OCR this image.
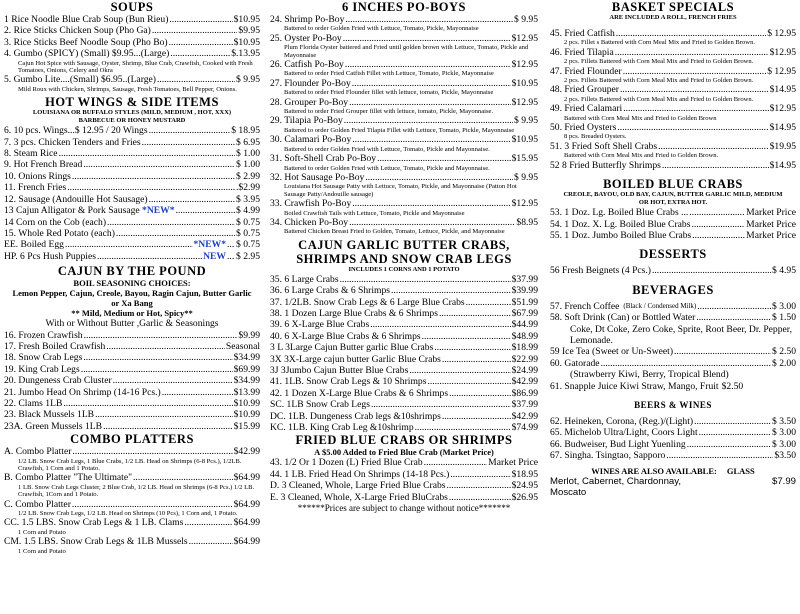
SOUPS
1 Rice Noodle Blue Crab Soup (Bun Rieu) .....	$10.95
2. Rice Sticks Chicken Soup (Pho Ga) .....	$9.95
3. Rice Sticks Beef Noodle Soup (Pho Bo) .....	$10.95
4. Gumbo (SPICY) (Small) $9.95...(Large) .....	$.13.95
Cajun Hot Spice with Sausage, Oyster, Shrimp, Blue Crab, Crawfish, Cooked with Fresh Tomatoes, Onions, Celery and Okra
5. Gumbo Lite....(Small) $6.95..(Large) .....	$ 9.95
Mild Roux with Chicken, Shrimps, Sausage, Fresh Tomatoes, Bell Pepper, Onions.
HOT WINGS & SIDE ITEMS
LOUISIANA OR BUFFALO STYLES (MILD, MEDIUM , HOT, XXX)
BARBECUE OR HONEY MUSTARD
6. 10 pcs. Wings...$ 12.95 / 20 Wings .....	$ 18.95
7. 3 pcs. Chicken Tenders and Fries .....	$ 6.95
8. Steam Rice .....	$ 1.00
9. Hot French Bread .....	$ 1.00
10. Onions Rings .....	$ 2.99
11. French Fries .....	.$2.99
12. Sausage (Andouille Hot Sausage) .....	$ 3.95
13 Cajun Alligator & Pork Sausage *NEW* .....	$ 4.99
14 Corn on the Cob (each) .....	$ 0.75
15. Whole Red Potato (each) .....	$ 0.75
EE. Boiled Egg .....	*NEW* ..... $ 0.75
HP. 6 Pcs Hush Puppies .....	NEW ..... $ 2.95
CAJUN BY THE POUND
BOIL SEASONING CHOICES:
Lemon Pepper, Cajun, Creole, Bayou, Ragin Cajun, Butter Garlic or Xa Bang
** Mild, Medium or Hot, Spicy**
With or Without Butter ,Garlic & Seasonings
16. Frozen Crawfish .....	$9.99
17. Fresh Boiled Crawfish .....	Seasonal
18. Snow Crab Legs .....	$34.99
19. King Crab Legs .....	$69.99
20. Dungeness Crab Cluster .....	$34.99
21. Jumbo Head On Shrimp (14-16 Pcs.) .....	$13.99
22. Clams 1LB .....	$10.99
23. Black Mussels 1LB .....	$10.99
23A. Green Mussels 1LB .....	$15.99
COMBO PLATTERS
A. Combo Platter .....	$42.99
1/2 LB. Snow Crab Legs, 1 Blue Crabs, 1/2 LB. Head on Shrimps (6-8 Pcs.), 1/2LB. Crawfish, 1 Corn and 1 Potato.
B. Combo Platter "The Ultimate" .....	$64.99
1 LB. Snow Crab Legs Cluster, 2 Blue Crab, 1/2 LB. Head on Shrimps (6-8 Pcs.) 1/2 LB. Crawfish, 1Corn and 1 Potato.
C. Combo Platter .....	$64.99
1/2 LB. Snow Crab Legs, 1/2 LB. Head on Shrimps (10 Pcs), 1 Corn and, 1 Potato.
CC. 1.5 LBS. Snow Crab Legs & 1 LB. Clams .....	$64.99
1 Corn and Potato
CM. 1.5 LBS. Snow Crab Legs & 1LB Mussels .....	$64.99
1 Corn and Potato
6 INCHES PO-BOYS
24. Shrimp Po-Boy .....	$ 9.95
Battered to order Golden Fried with Lettuce, Tomato, Pickle, Mayonnaise
25. Oyster Po-Boy .....	$12.95
Plum Florida Oyster battered and Fried until golden brown with Lettuce, Tomato, Pickle and Mayonnaise
26. Catfish Po-Boy .....	$12.95
Battered to order Fried Catfish Fillet with Lettuce, Tomato, Pickle, Mayonnaise
27. Flounder Po-Boy .....	$10.95
Battered to order Fried Flounder fillet with lettuce, tomato, Pickle, Mayonnaise
28. Grouper Po-Boy .....	$12.95
Battered to order Fried Grouper fillet with lettuce, tomato, Pickle, Mayonnaise.
29. Tilapia Po-Boy .....	$ 9.95
Battered to order Golden Fried Tilapia Fillet with Lettuce, Tomato, Pickle, Mayonnaise
30. Calamari Po-Boy .....	$10.95
Battered to order Golden Fried with Lettuce, Tomato, Pickle and Mayonnaise.
31. Soft-Shell Crab Po-Boy .....	$15.95
Battered to order Golden Fried with Lettuce, Tomato, Pickle and Mayonnaise.
32. Hot Sausage Po-Boy .....	$ 9.95
Louisiana Hot Sausage Patty with Lettuce, Tomato, Pickle, and Mayonnaise (Patton Hot Sausage Patty/Andouille sausage)
33. Crawfish Po-Boy .....	$12.95
Boiled Crawfish Tails with Lettuce, Tomato, Pickle and Mayonnaise
34. Chicken Po-Boy .....	$8.95
Battered Chicken Breast Fried to Golden, Tomato, Lettuce, Pickle, and Mayonnaise
CAJUN GARLIC BUTTER CRABS,
SHRIMPS AND SNOW CRAB LEGS
INCLUDES 1 CORNS AND 1 POTATO
35. 6 Large Crabs .....	$37.99
36. 6 Large Crabs & 6 Shrimps .....	$39.99
37. 1/2LB. Snow Crab Legs & 6 Large Blue Crabs .....	$51.99
38. 1 Dozen Large Blue Crabs & 6 Shrimps .....	$67.99
39. 6 X-Large Blue Crabs .....	$44.99
40. 6 X-Large Blue Crabs & 6 Shrimps .....	$48.99
3 L 3Large Cajun Butter garlic Blue Crabs .....	$18.99
3X 3X-Large cajun butter Garlic Blue Crabs .....	$22.99
3J 3Jumbo Cajun Butter Blue Crabs .....	$24.99
41. 1LB. Snow Crab Legs & 10 Shrimps .....	$42.99
42. 1 Dozen X-Large Blue Crabs & 6 Shrimps .....	$86.99
SC. 1LB Snow Crab Legs .....	$37.99
DC. 1LB. Dungeness Crab legs &10shrimps .....	$42.99
KC. 1LB. King Crab Leg &10shrimp .....	$74.99
FRIED BLUE CRABS OR SHRIMPS
A $5.00 Added to Fried Blue Crab (Market Price)
43. 1/2 Or 1 Dozen (L) Fried Blue Crab .....	Market Price
44. 1 LB. Fried Head On Shrimps (14-18 Pcs.) .....	$18.95
D. 3 Cleaned, Whole, Large Fried Blue Crabs .....	$24.95
E. 3 Cleaned, Whole, X-Large Fried BluCrabs .....	$26.95
******Prices are subject to change without notice*******
BASKET SPECIALS
ARE INCLUDED A ROLL, FRENCH FRIES
45. Fried Catfish .....	$ 12.95
2 pcs. Fillet s Battered with Corn Meal Mix and Fried to Golden Brown.
46. Fried Tilapia .....	$12.95
2 pcs. Fillets Battered with Corn Meal Mix and Fried to Golden Brown.
47. Fried Flounder .....	$ 12.95
2 pcs. Fillets Battered with Corn Meal Mix and Fried to Golden Brown.
48. Fried Grouper .....	$14.95
2 pcs. Fillets Battered with Corn Meal Mix and Fried to Golden Brown.
49. Fried Calamari .....	$12.95
Battered with Corn Meal Mix and Fried to Golden Brown
50. Fried Oysters .....	$14.95
8 pcs. Breaded Oysters.
51. 3 Fried Soft Shell Crabs .....	$19.95
Battered with Corn Meal Mix and Fried to Golden Brown.
52 8 Fried Butterfly Shrimps .....	$14.95
BOILED BLUE CRABS
CREOLE, BAYOU, OLD BAY, CAJUN, BUTTER GARLIC MILD, MEDIUM OR HOT, EXTRA HOT.
53. 1 Doz. Lg. Boiled Blue Crabs ... .....	Market Price
54. 1 Doz. X. Lg. Boiled Blue Crabs .....	Market Price
55. 1 Doz. Jumbo Boiled Blue Crabs .....	Market Price
DESSERTS
56 Fresh Beignets (4 Pcs.) .....	$ 4.95
BEVERAGES
57. French Coffee (Black / Condensed Milk) .....	$ 3.00
58. Soft Drink (Can) or Bottled Water .....	$ 1.50
Coke, Dt Coke, Zero Coke, Sprite, Root Beer, Dr. Pepper, Lemonade.
59 Ice Tea (Sweet or Un-Sweet) .....	$ 2.50
60. Gatorade .....	$ 2.00
(Strawberry Kiwi, Berry, Tropical Blend)
61. Snapple Juice Kiwi Straw, Mango, Fruit $2.50
BEERS & WINES
62. Heineken, Corona, (Reg.)/(Light) .....	$ 3.50
65. Michelob Ultra/Light, Coors Light .....	$ 3.00
66. Budweiser, Bud Light Yuenling .....	$ 3.00
67. Singha. Tsingtao, Sapporo .....	$3.50
WINES ARE ALSO AVAILABLE: GLASS
Merlot, Cabernet, Chardonnay,	$7.99
Moscato
